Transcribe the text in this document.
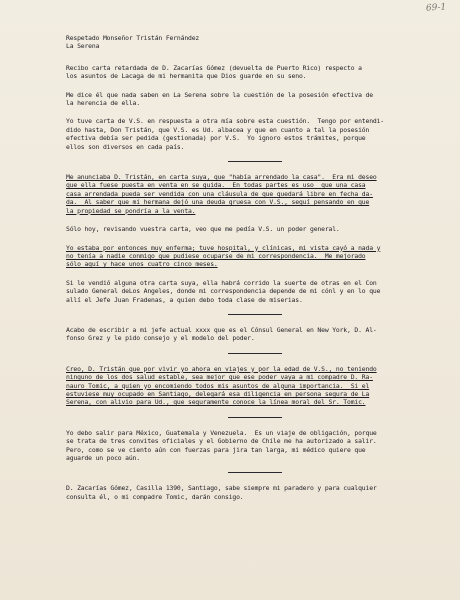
69-1

Respetado Monseñor Tristán Fernández

La Serena

Recibo carta retardada de D. Zacarías Gómez (devuelta de Puerto Rico) respecto a
los asuntos de Lacaga de mi hermanita que Dios guarde en su seno.

Me dice él que nada saben en La Serena sobre la cuestión de la posesión efectiva de
la herencia de ella.

Yo tuve carta de V.S. en respuesta a otra mía sobre esta cuestión.  Tengo por entendi-
dido hasta, Don Tristán, que V.S. es Ud. albacea y que en cuanto a tal la posesión
efectiva debía ser pedida (gestionada) por V.S.  Yo ignoro estos trámites, porque
ellos son diversos en cada país.

Me anunciaba D. Tristán, en carta suya, que "había arrendado la casa".  Era mi deseo
que ella fuese puesta en venta en se guida.  En todas partes es uso  que una casa
casa arrendada pueda ser vendida con una cláusula de que quedará libre en fecha da-
da.  Al saber que mi hermana dejó una deuda gruesa con V.S., seguí pensando en que
la propiedad se pondría a la venta.

Sólo hoy, revisando vuestra carta, veo que me pedía V.S. un poder general.

Yo estaba por entonces muy enferma; tuve hospital, y clínicas, mi vista cayó a nada y
no tenía a nadie conmigo que pudiese ocuparse de mi correspondencia.  Me mejorado
sólo aquí y hace unos cuatro cinco meses.

Si le vendió alguna otra carta suya, ella habrá corrido la suerte de otras en el Con
sulado General deLos Angeles, donde mi correspondencia depende de mi cónl y en lo que
allí el Jefe Juan Fradenas, a quien debo toda clase de miserias.

Acabo de escribir a mi jefe actual xxxx que es el Cónsul General en New York, D. Al-
fonso Grez y le pido consejo y el modelo del poder.

Creo, D. Tristán que por vivir yo ahora en viajes y por la edad de V.S., no teniendo
ninguno de los dos salud estable, sea mejor que ese poder vaya a mi compadre D. Ra-
nauro Tomic, a quien yo encomiendo todos mis asuntos de alguna importancia.  Si el
estuviese muy ocupado en Santiago, delegará esa diligencia en persona segura de La
Serena, con alivio para Ud., que seguramente conoce la línea moral del Sr. Tomic.

Yo debo salir para México, Guatemala y Venezuela.  Es un viaje de obligación, porque
se trata de tres convites oficiales y el Gobierno de Chile me ha autorizado a salir.
Pero, como se ve ciento aún con fuerzas para jira tan larga, mi médico quiere que
aguarde un poco aún.

D. Zacarías Gómez, Casilla 1390, Santiago, sabe siempre mi paradero y para cualquier
consulta él, o mi compadre Tomic, darán consigo.
